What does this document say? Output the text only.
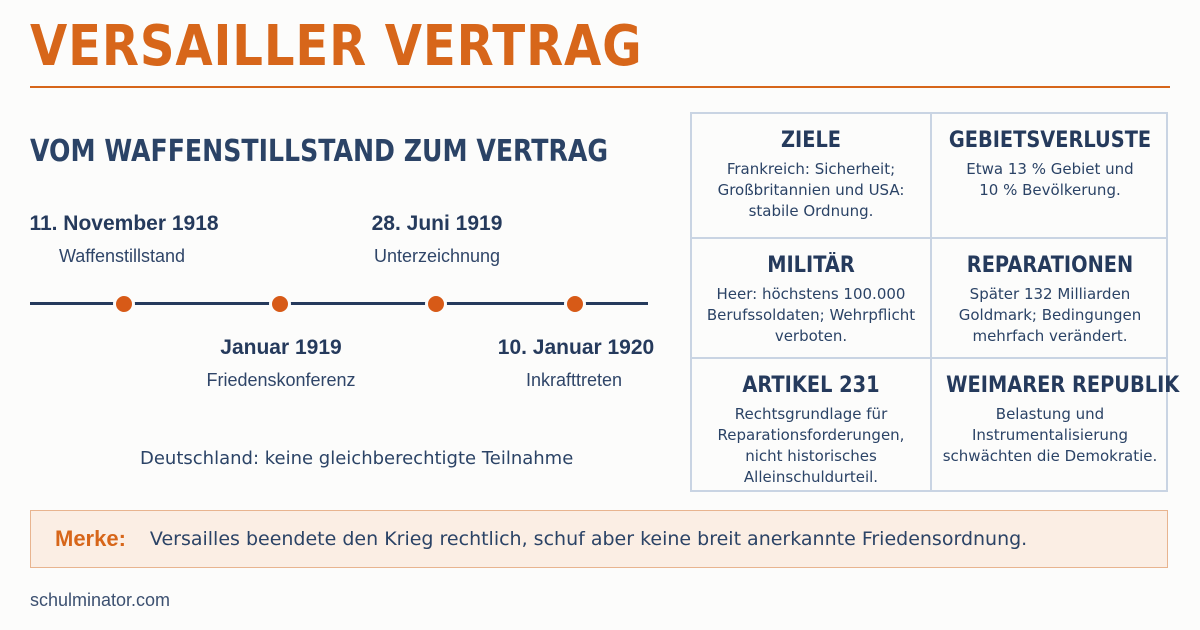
VERSAILLER VERTRAG
VOM WAFFENSTILLSTAND ZUM VERTRAG
11. November 1918
Waffenstillstand
Januar 1919
Friedenskonferenz
28. Juni 1919
Unterzeichnung
10. Januar 1920
Inkrafttreten
Deutschland: keine gleichberechtigte Teilnahme
ZIELE
Frankreich: Sicherheit;
Großbritannien und USA:
stabile Ordnung.
GEBIETSVERLUSTE
Etwa 13 % Gebiet und
10 % Bevölkerung.
MILITÄR
Heer: höchstens 100.000
Berufssoldaten; Wehrpflicht
verboten.
REPARATIONEN
Später 132 Milliarden
Goldmark; Bedingungen
mehrfach verändert.
ARTIKEL 231
Rechtsgrundlage für
Reparationsforderungen,
nicht historisches
Alleinschuldurteil.
WEIMARER REPUBLIK
Belastung und
Instrumentalisierung
schwächten die Demokratie.
Merke: Versailles beendete den Krieg rechtlich, schuf aber keine breit anerkannte Friedensordnung.
schulminator.com
